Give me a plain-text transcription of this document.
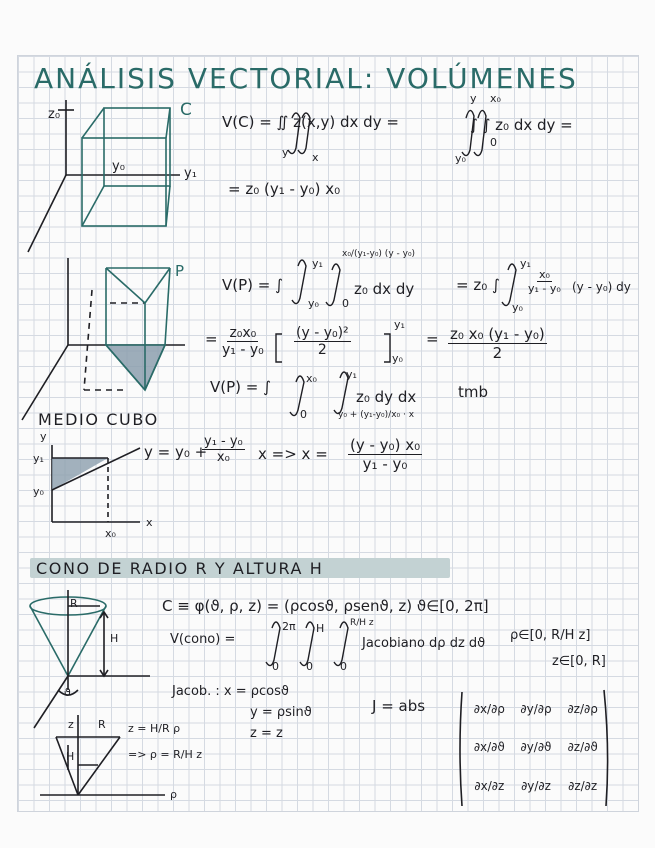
ANÁLISIS VECTORIAL: VOLÚMENES
C
z₀
y₀	y₁
V(C) = ∬ z(x,y) dx dy =
y x
∫ ∫ z₀ dx dy =
y
y₀
x₀
0
= z₀ (y₁ - y₀) x₀
P
V(P) = ∫
y₁
y₀
x₀/(y₁-y₀) (y - y₀)
0
z₀ dx dy	= z₀ ∫
y₁
y₀
$\frac{\text{x₀}}{\text{y₁ - y₀}} (y - y_0)$ dy
= $\frac{\text{z₀x₀}}{\text{y₁ - y₀}} \frac{\text{(y - y₀)²}}{2}$
y₁
y₀
= $\frac{\text{z₀ x₀ (y₁ - y₀)}}{2}$
V(P) = ∫	x₀
0
y₁
y₀ + (y₁-y₀)/x₀ · x
z₀ dy dx	tmb
MEDIO CUBO
y
y₁
y₀
x₀
x
y = y₀ +
$\frac{\text{y₁ - y₀}}{\text{x₀}}$ $x => x = \frac{\text{(y - y₀) x₀}}{\text{y₁ - y₀}}$
CONO DE RADIO R Y ALTURA H
R
H
ϑ
C ≡ φ(ϑ, ρ, z) = (ρcosϑ, ρsenϑ, z) ϑ∈[0, 2π]
V(cono) =
2π
0
H
0
R/H z
0
Jacobiano dρ dz dϑ
ρ∈[0, R/H z]
z∈[0, R]
Jacob. : x = ρcosϑ
y = ρsinϑ
z = z
J = abs	∂x/∂ρ ∂y/∂ρ ∂z/∂ρ
∂x/∂ϑ ∂y/∂ϑ ∂z/∂ϑ
∂x/∂z ∂y/∂z ∂z/∂z
z R
H
ρ
z = H/R ρ
=> ρ = R/H z
